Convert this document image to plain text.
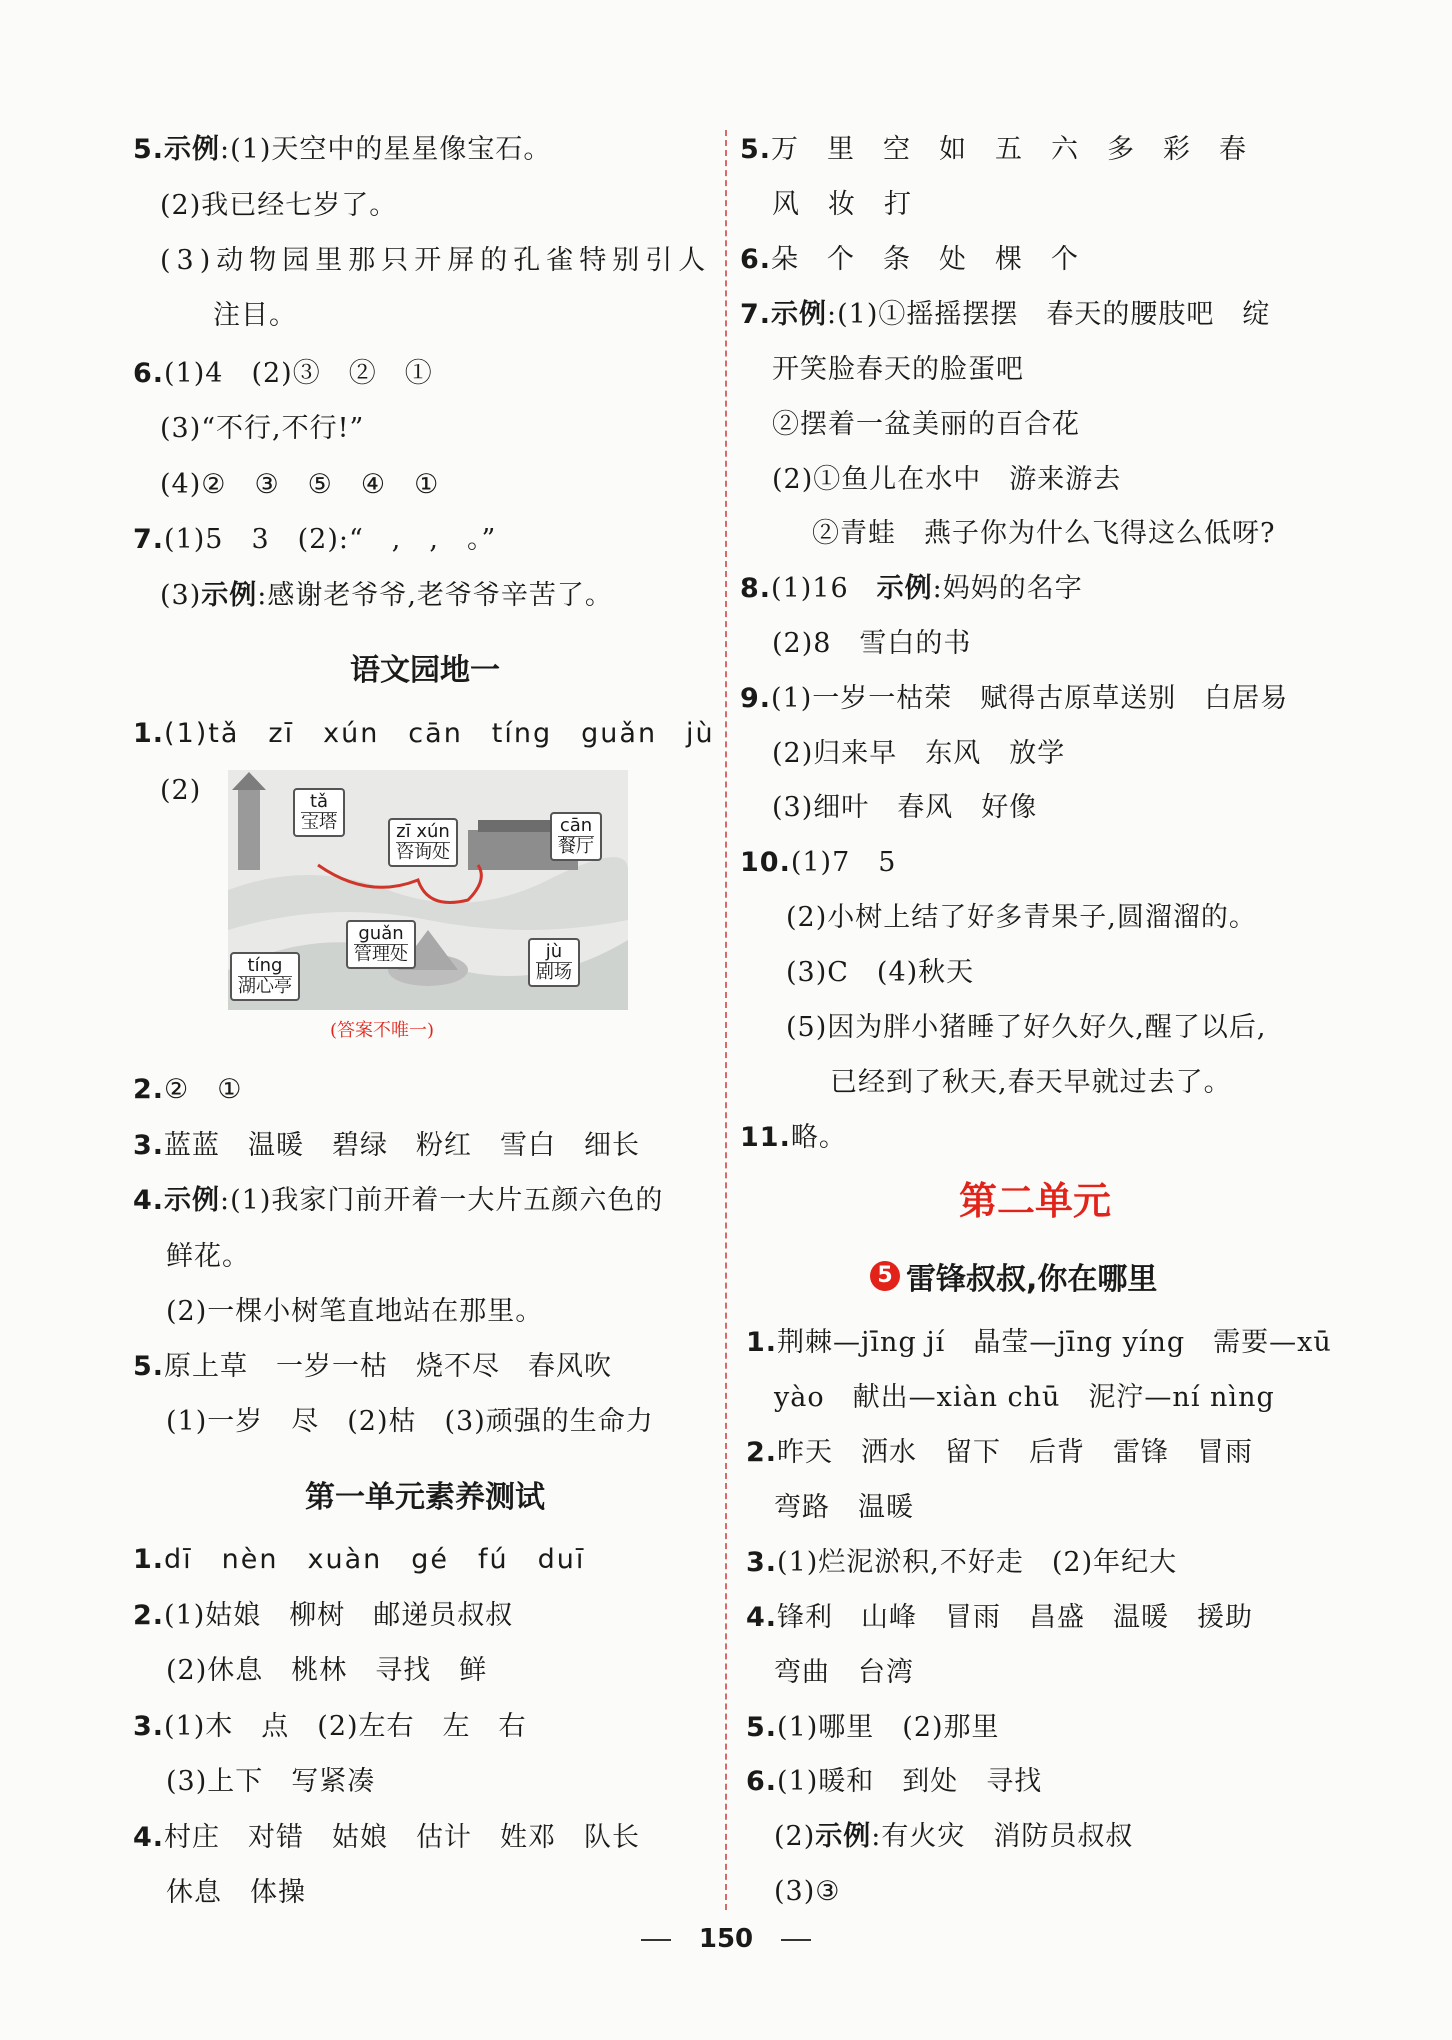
5.示例:(1)天空中的星星像宝石。
(2)我已经七岁了。
(3)动物园里那只开屏的孔雀特别引人
注目。
6.(1)4　(2)③　②　①
(3)“不行,不行!”
(4)②　③　⑤　④　①
7.(1)5　3　(2):“　,　,　。”
(3)示例:感谢老爷爷,老爷爷辛苦了。
语文园地一
1.(1)tǎ　zī　xún　cān　tíng　guǎn　jù
(2)	tǎ
宝塔	zī xún
咨询处
cān
餐厅
guǎn
管理处
tíng
湖心亭
jù
剧场
(答案不唯一)
2.②　①
3.蓝蓝　温暖　碧绿　粉红　雪白　细长
4.示例:(1)我家门前开着一大片五颜六色的
鲜花。
(2)一棵小树笔直地站在那里。
5.原上草　一岁一枯　烧不尽　春风吹
(1)一岁　尽　(2)枯　(3)顽强的生命力
第一单元素养测试
1.dī　nèn　xuàn　gé　fú　duī
2.(1)姑娘　柳树　邮递员叔叔
(2)休息　桃林　寻找　鲜
3.(1)木　点　(2)左右　左　右
(3)上下　写紧凑
4.村庄　对错　姑娘　估计　姓邓　队长
休息　体操
5.万　里　空　如　五　六　多　彩　春
风　妆　打
6.朵　个　条　处　棵　个
7.示例:(1)①摇摇摆摆　春天的腰肢吧　绽
开笑脸春天的脸蛋吧
②摆着一盆美丽的百合花
(2)①鱼儿在水中　游来游去
②青蛙　燕子你为什么飞得这么低呀?
8.(1)16　示例:妈妈的名字
(2)8　雪白的书
9.(1)一岁一枯荣　赋得古原草送别　白居易
(2)归来早　东风　放学
(3)细叶　春风　好像
10.(1)7　5
(2)小树上结了好多青果子,圆溜溜的。
(3)C　(4)秋天
(5)因为胖小猪睡了好久好久,醒了以后,
已经到了秋天,春天早就过去了。
11.略。
第二单元
5 雷锋叔叔,你在哪里
1.荆棘—jīng jí　晶莹—jīng yíng　需要—xū
yào　献出—xiàn chū　泥泞—ní nìng
2.昨天　洒水　留下　后背　雷锋　冒雨
弯路　温暖
3.(1)烂泥淤积,不好走　(2)年纪大
4.锋利　山峰　冒雨　昌盛　温暖　援助
弯曲　台湾
5.(1)哪里　(2)那里
6.(1)暖和　到处　寻找
(2)示例:有火灾　消防员叔叔
(3)③
150
